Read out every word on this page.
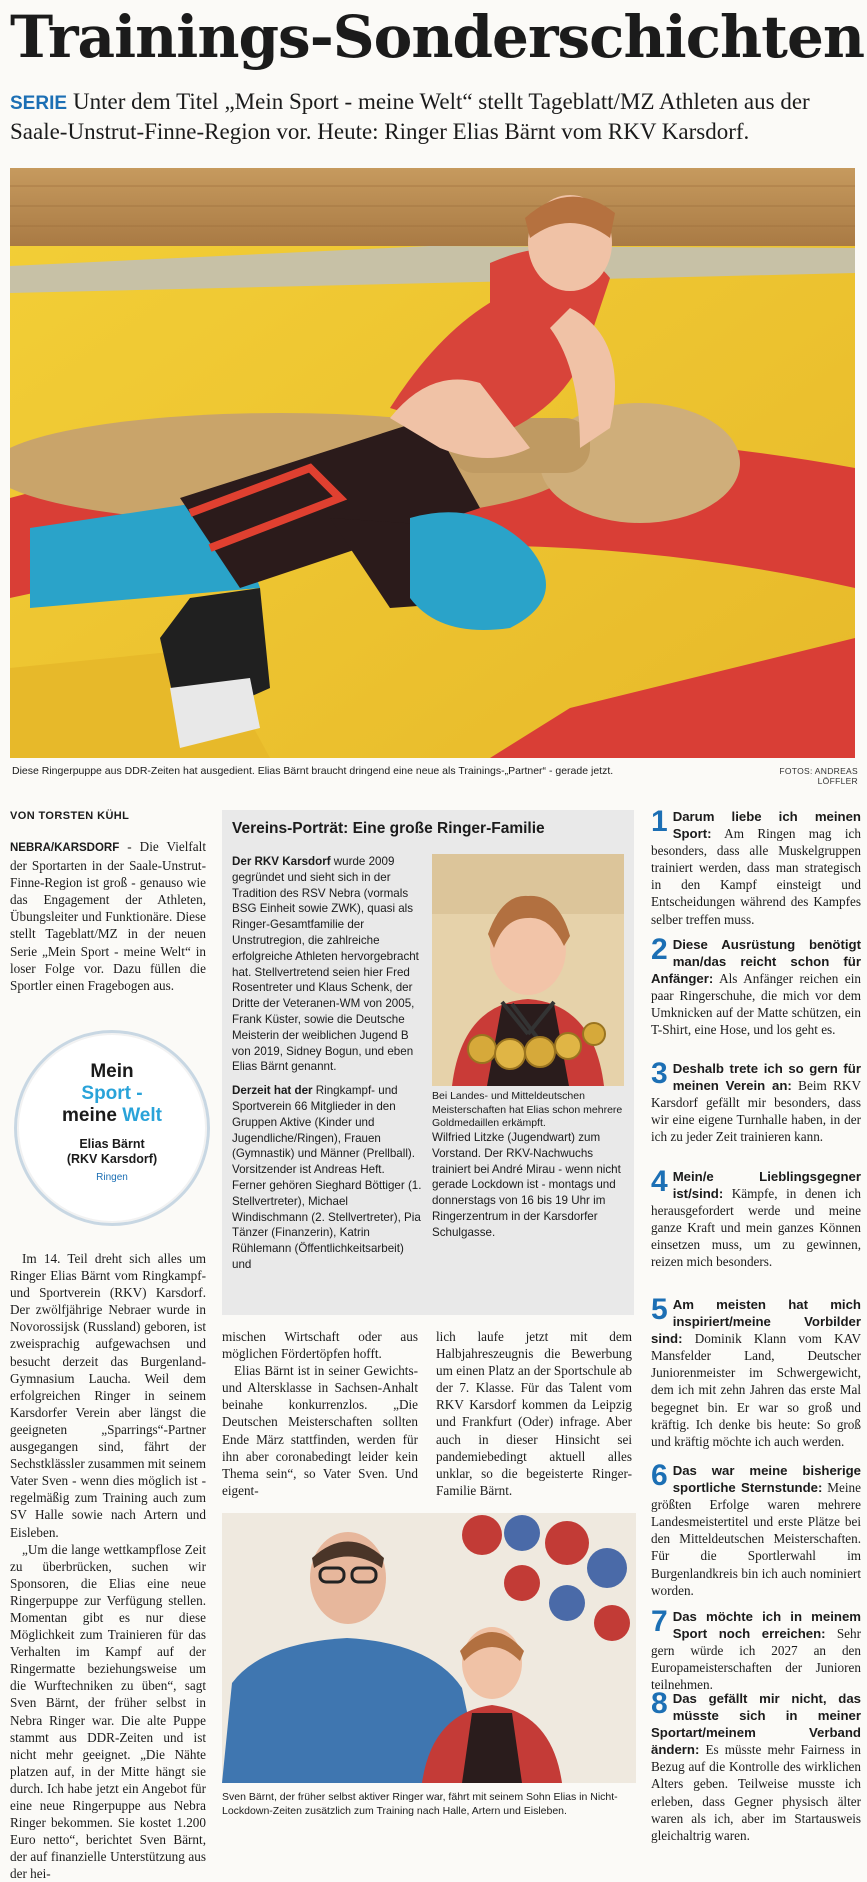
Trainings-Sonderschichten
SERIE Unter dem Titel „Mein Sport - meine Welt“ stellt Tageblatt/MZ Athleten aus der Saale-Unstrut-Finne-Region vor. Heute: Ringer Elias Bärnt vom RKV Karsdorf.
Diese Ringerpuppe aus DDR-Zeiten hat ausgedient. Elias Bärnt braucht dringend eine neue als Trainings-„Partner“ - gerade jetzt.	FOTOS: ANDREAS LÖFFLER
VON TORSTEN KÜHL

NEBRA/KARSDORF - Die Vielfalt der Sportarten in der Saale-Unstrut-Finne-Region ist groß - genauso wie das Engagement der Athleten, Übungsleiter und Funktionäre. Diese stellt Tageblatt/MZ in der neuen Serie „Mein Sport - meine Welt“ in loser Folge vor. Dazu füllen die Sportler einen Fragebogen aus.

Mein
Sport -
meine Welt
Elias Bärnt
(RKV Karsdorf)
Ringen

Im 14. Teil dreht sich alles um Ringer Elias Bärnt vom Ringkampf- und Sportverein (RKV) Karsdorf. Der zwölfjährige Nebraer wurde in Novorossijsk (Russland) geboren, ist zweisprachig aufgewachsen und besucht derzeit das Burgenland-Gymnasium Laucha. Weil dem erfolgreichen Ringer in seinem Karsdorfer Verein aber längst die geeigneten „Sparrings“-Partner ausgegangen sind, fährt der Sechstklässler zusammen mit seinem Vater Sven - wenn dies möglich ist - regelmäßig zum Training auch zum SV Halle sowie nach Artern und Eisleben.

„Um die lange wettkampflose Zeit zu überbrücken, suchen wir Sponsoren, die Elias eine neue Ringerpuppe zur Verfügung stellen. Momentan gibt es nur diese Möglichkeit zum Trainieren für das Verhalten im Kampf auf der Ringermatte beziehungsweise um die Wurftechniken zu üben“, sagt Sven Bärnt, der früher selbst in Nebra Ringer war. Die alte Puppe stammt aus DDR-Zeiten und ist nicht mehr geeignet. „Die Nähte platzen auf, in der Mitte hängt sie durch. Ich habe jetzt ein Angebot für eine neue Ringerpuppe aus Nebra Ringer bekommen. Sie kostet 1.200 Euro netto“, berichtet Sven Bärnt, der auf finanzielle Unterstützung aus der hei-

Vereins-Porträt: Eine große Ringer-Familie
Der RKV Karsdorf wurde 2009 gegründet und sieht sich in der Tradition des RSV Nebra (vormals BSG Einheit sowie ZWK), quasi als Ringer-Gesamtfamilie der Unstrutregion, die zahlreiche erfolgreiche Athleten hervorgebracht hat. Stellvertretend seien hier Fred Rosentreter und Klaus Schenk, der Dritte der Veteranen-WM von 2005, Frank Küster, sowie die Deutsche Meisterin der weiblichen Jugend B von 2019, Sidney Bogun, und eben Elias Bärnt genannt.
Derzeit hat der Ringkampf- und Sportverein 66 Mitglieder in den Gruppen Aktive (Kinder und Jugendliche/Ringen), Frauen (Gymnastik) und Männer (Prellball). Vorsitzender ist Andreas Heft. Ferner gehören Sieghard Böttiger (1. Stellvertreter), Michael Windischmann (2. Stellvertreter), Pia Tänzer (Finanzerin), Katrin Rühlemann (Öffentlichkeitsarbeit) und
Bei Landes- und Mitteldeutschen Meisterschaften hat Elias schon mehrere Goldmedaillen erkämpft.
Wilfried Litzke (Jugendwart) zum Vorstand. Der RKV-Nachwuchs trainiert bei André Mirau - wenn nicht gerade Lockdown ist - montags und donnerstags von 16 bis 19 Uhr im Ringerzentrum in der Karsdorfer Schulgasse.

mischen Wirtschaft oder aus möglichen Fördertöpfen hofft.

Elias Bärnt ist in seiner Gewichts- und Altersklasse in Sachsen-Anhalt beinahe konkurrenzlos. „Die Deutschen Meisterschaften sollten Ende März stattfinden, werden für ihn aber coronabedingt leider kein Thema sein“, so Vater Sven. Und eigent-

lich laufe jetzt mit dem Halbjahreszeugnis die Bewerbung um einen Platz an der Sportschule ab der 7. Klasse. Für das Talent vom RKV Karsdorf kommen da Leipzig und Frankfurt (Oder) infrage. Aber auch in dieser Hinsicht sei pandemiebedingt aktuell alles unklar, so die begeisterte Ringer-Familie Bärnt.

Sven Bärnt, der früher selbst aktiver Ringer war, fährt mit seinem Sohn Elias in Nicht-Lockdown-Zeiten zusätzlich zum Training nach Halle, Artern und Eisleben.
1 Darum liebe ich meinen Sport: Am Ringen mag ich besonders, dass alle Muskelgruppen trainiert werden, dass man strategisch in den Kampf einsteigt und Entscheidungen während des Kampfes selber treffen muss.
2 Diese Ausrüstung benötigt man/das reicht schon für Anfänger: Als Anfänger reichen ein paar Ringerschuhe, die mich vor dem Umknicken auf der Matte schützen, ein T-Shirt, eine Hose, und los geht es.
3 Deshalb trete ich so gern für meinen Verein an: Beim RKV Karsdorf gefällt mir besonders, dass wir eine eigene Turnhalle haben, in der ich zu jeder Zeit trainieren kann.
4 Mein/e Lieblingsgegner ist/sind: Kämpfe, in denen ich herausgefordert werde und meine ganze Kraft und mein ganzes Können einsetzen muss, um zu gewinnen, reizen mich besonders.
5 Am meisten hat mich inspiriert/meine Vorbilder sind: Dominik Klann vom KAV Mansfelder Land, Deutscher Juniorenmeister im Schwergewicht, dem ich mit zehn Jahren das erste Mal begegnet bin. Er war so groß und kräftig. Ich denke bis heute: So groß und kräftig möchte ich auch werden.
6 Das war meine bisherige sportliche Sternstunde: Meine größten Erfolge waren mehrere Landesmeistertitel und erste Plätze bei den Mitteldeutschen Meisterschaften. Für die Sportlerwahl im Burgenlandkreis bin ich auch nominiert worden.
7 Das möchte ich in meinem Sport noch erreichen: Sehr gern würde ich 2027 an den Europameisterschaften der Junioren teilnehmen.
8 Das gefällt mir nicht, das müsste sich in meiner Sportart/meinem Verband ändern: Es müsste mehr Fairness in Bezug auf die Kontrolle des wirklichen Alters geben. Teilweise musste ich erleben, dass Gegner physisch älter waren als ich, aber im Startausweis gleichaltrig waren.
